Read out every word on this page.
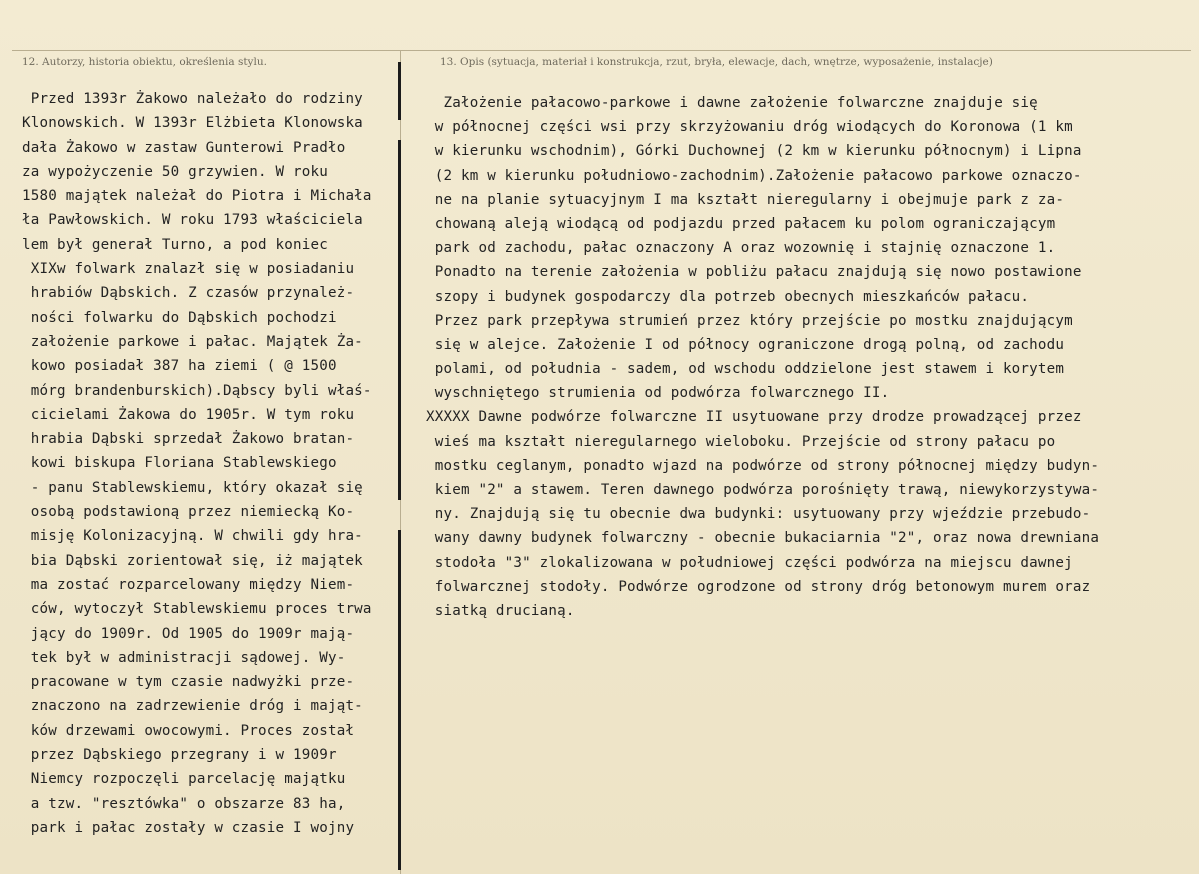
12. Autorzy, historia obiektu, określenia stylu.	13. Opis (sytuacja, materiał i konstrukcja, rzut, bryła, elewacje, dach, wnętrze, wyposażenie, instalacje)
Przed 1393r Żakowo należało do rodziny
Klonowskich. W 1393r Elżbieta Klonowska
dała Żakowo w zastaw Gunterowi Pradło
za wypożyczenie 50 grzywien. W roku
1580 majątek należał do Piotra i Michała
ła Pawłowskich. W roku 1793 właściciela
lem był generał Turno, a pod koniec
XIXw folwark znalazł się w posiadaniu
hrabiów Dąbskich. Z czasów przynależ-
ności folwarku do Dąbskich pochodzi
założenie parkowe i pałac. Majątek Ża-
kowo posiadał 387 ha ziemi ( @ 1500
mórg brandenburskich).Dąbscy byli właś-
cicielami Żakowa do 1905r. W tym roku
hrabia Dąbski sprzedał Żakowo bratan-
kowi biskupa Floriana Stablewskiego
- panu Stablewskiemu, który okazał się
osobą podstawioną przez niemiecką Ko-
misję Kolonizacyjną. W chwili gdy hra-
bia Dąbski zorientował się, iż majątek
ma zostać rozparcelowany między Niem-
ców, wytoczył Stablewskiemu proces trwa
jący do 1909r. Od 1905 do 1909r mają-
tek był w administracji sądowej. Wy-
pracowane w tym czasie nadwyżki prze-
znaczono na zadrzewienie dróg i mająt-
ków drzewami owocowymi. Proces został
przez Dąbskiego przegrany i w 1909r
Niemcy rozpoczęli parcelację majątku
a tzw. "resztówka" o obszarze 83 ha,
park i pałac zostały w czasie I wojny
Założenie pałacowo-parkowe i dawne założenie folwarczne znajduje się
w północnej części wsi przy skrzyżowaniu dróg wiodących do Koronowa (1 km
w kierunku wschodnim), Górki Duchownej (2 km w kierunku północnym) i Lipna
(2 km w kierunku południowo-zachodnim).Założenie pałacowo parkowe oznaczo-
ne na planie sytuacyjnym I ma kształt nieregularny i obejmuje park z za-
chowaną aleją wiodącą od podjazdu przed pałacem ku polom ograniczającym
park od zachodu, pałac oznaczony A oraz wozownię i stajnię oznaczone 1.
Ponadto na terenie założenia w pobliżu pałacu znajdują się nowo postawione
szopy i budynek gospodarczy dla potrzeb obecnych mieszkańców pałacu.
Przez park przepływa strumień przez który przejście po mostku znajdującym
się w alejce. Założenie I od północy ograniczone drogą polną, od zachodu
polami, od południa - sadem, od wschodu oddzielone jest stawem i korytem
wyschniętego strumienia od podwórza folwarcznego II.
XXXXX Dawne podwórze folwarczne II usytuowane przy drodze prowadzącej przez
wieś ma kształt nieregularnego wieloboku. Przejście od strony pałacu po
mostku ceglanym, ponadto wjazd na podwórze od strony północnej między budyn-
kiem "2" a stawem. Teren dawnego podwórza porośnięty trawą, niewykorzystywa-
ny. Znajdują się tu obecnie dwa budynki: usytuowany przy wjeździe przebudo-
wany dawny budynek folwarczny - obecnie bukaciarnia "2", oraz nowa drewniana
stodoła "3" zlokalizowana w południowej części podwórza na miejscu dawnej
folwarcznej stodoły. Podwórze ogrodzone od strony dróg betonowym murem oraz
siatką drucianą.
